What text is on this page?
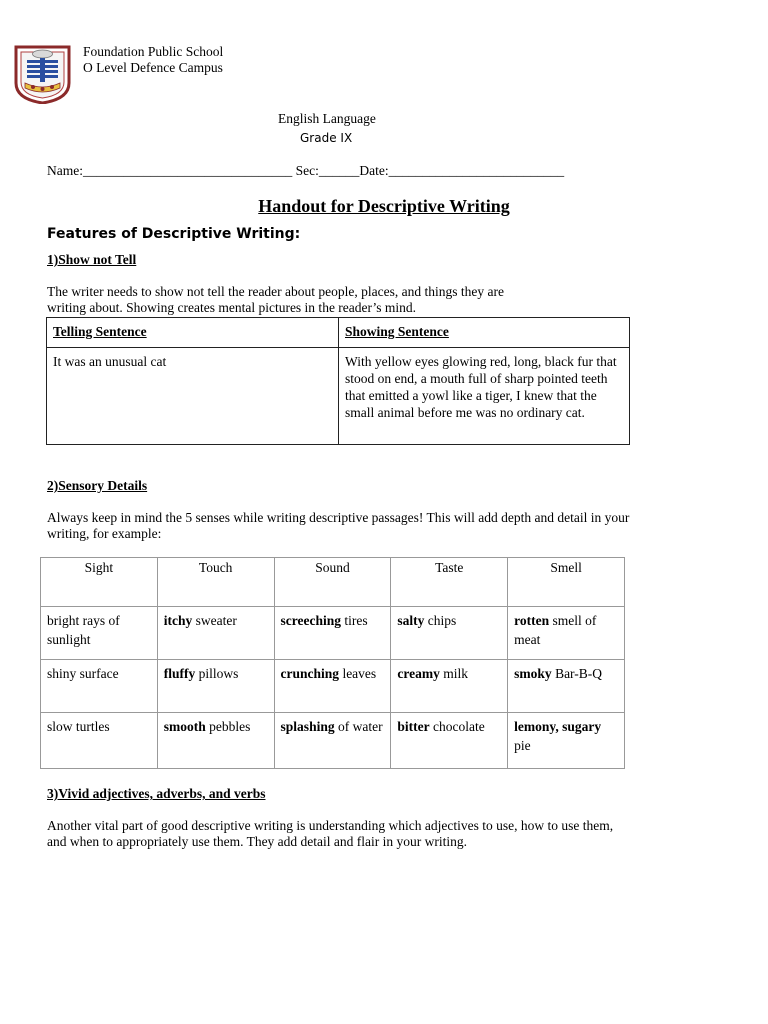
Foundation Public School
O Level Defence Campus
English Language
Grade IX
Name:_______________________________ Sec:______Date:__________________________
Handout for Descriptive Writing
Features of Descriptive Writing:
1)Show not Tell
The writer needs to show not tell the reader about people, places, and things they are
writing about. Showing creates mental pictures in the reader’s mind.
Telling Sentence	Showing Sentence
It was an unusual cat	With yellow eyes glowing red, long, black fur that stood on end, a mouth full of sharp pointed teeth that emitted a yowl like a tiger, I knew that the small animal before me was no ordinary cat.
2)Sensory Details
Always keep in mind the 5 senses while writing descriptive passages! This will add depth and detail in your
writing, for example:
Sight	Touch	Sound	Taste	Smell
bright rays of sunlight	itchy sweater	screeching tires	salty chips	rotten smell of meat
shiny surface	fluffy pillows	crunching leaves	creamy milk	smoky Bar-B-Q
slow turtles	smooth pebbles	splashing of water	bitter chocolate	lemony, sugary pie
3)Vivid adjectives, adverbs, and verbs
Another vital part of good descriptive writing is understanding which adjectives to use, how to use them,
and when to appropriately use them. They add detail and flair in your writing.
